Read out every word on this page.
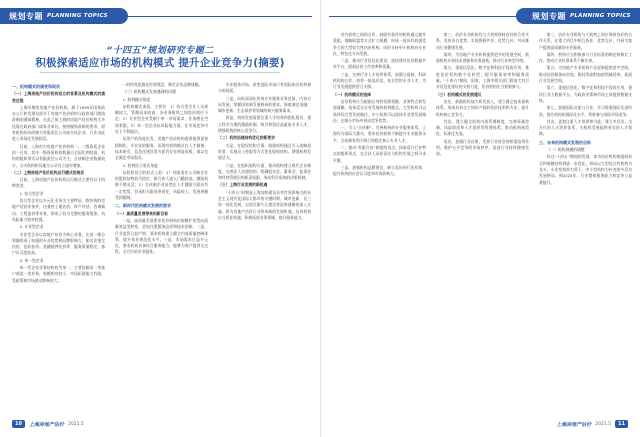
规划专题 PLANNING TOPICS
“十四五”规划研究专题二
积极探索适应市场的机构模式 提升企业竞争力(摘要)

一、机构模式的演变和现状

（一）上海房地产估价机构设立的背景及机构模式的演变过程

上海早期的房地产估价机构，源于1999年国务院办公厅转发建设部关于房地产估价机构与政府部门脱钩改制的通知精神，在此之前上海的房地产估价机构大多挂靠在政府部门或事业单位。按照脱钩改制的要求，原有机构纷纷改制为有限责任公司或合伙企业，行业由此进入市场化发展阶段。

目前，上海市内房地产估价机构一、二级资质企业约一百家，其中一级资质机构数量占全国比例较高，机构的组织形式以有限责任公司为主，合伙制企业数量较少，分支机构和异地分公司设立逐年增加。

（二）上海房地产估价机构运行模式的现状

目前，上海房地产估价机构运行模式主要有以下四种类型。

1. 综合型企业

综合型企业以多元化业务为主要特征，除传统的房地产估价业务外，还兼营土地估价、资产评估、咨询顾问、工程造价等业务，形成了较为完整的服务链条，抗风险能力相对较强。

2. 专业型企业

专业型企业以房地产估价为核心业务，在某一细分领域形成了较强的专业优势和品牌影响力，如司法鉴定估价、征收估价、金融抵押估价等，服务质量稳定，客户认可度较高。

3. 单一型企业

单一型企业业务结构较为单一，主要依赖某一类客户或某一类业务，规模相对较小，市场拓展能力有限，受政策和市场波动影响较大。

一的经营思路及经营理念，制定企业品牌战略。

（三）机构模式发展遇到的问题

1. 机构模式角度

从机构模式来看，主要有：1）综合型企业人员规模较大，管理成本较高，各业务板块之间协同效应不足；2）专业型企业受制于单一市场需求，业务增长空间有限；3）单一型企业抗风险能力弱，在市场竞争中处于不利地位。

从用户的角度出发，房地产估价机构需要提供更加精细化、专业化的服务，而现有机构模式在人才储备、技术研发、信息化建设等方面仍存在明显短板，难以完全满足市场需求。

2. 机构设立形式角度

从机构设立的形式上看：1）有限责任公司制企业的股权结构较为固定，新合伙人进入门槛较高，激励机制不够灵活；2）合伙制企业虽然在人才激励方面具有一定优势，但承担无限连带责任，风险较大，发展规模受到限制。

二、新时代机构模式发展的要求

（一）高质量发展带来的新目标

一是，高质量发展要求估价机构由规模扩张型向质量效益型转变，更加注重服务品质和技术创新。二是，行业监管日趋严格，要求机构建立健全内部质量控制体系，提升执业规范化水平。三是，市场需求日益多元化，要求机构具备综合服务能力，能够为客户提供全过程、全方位的专业服务。

专业服务市场，改变国际市场只有国际知名机构参与的局面。

三是，向纵深深化传统专业服务业务范围，内容方向发展，掌握国家新发展格局的要求，探索满足金融、城市更新、生态保护等领域的新兴服务需求。

四是，机构发展需要注重人才培养和团队建设，建立科学合理的激励机制，吸引和留住高素质专业人才，增强机构的核心竞争力。

（二）机构治理结构优化的新要求

五是，在股权结构方面，鼓励机构通过引入战略投资者、实施员工持股等方式优化股权结构，增强机构发展活力。

六是，在组织架构方面，推动机构建立现代企业制度，完善法人治理结构，明确股东会、董事会、监事会和经营管理层的职责权限，形成科学高效的决策机制。

（三）上海行业发展的新机遇

“十四五”时期是上海加快建设具有世界影响力的社会主义现代化国际大都市的关键时期。城市更新、长三角一体化发展、自贸区新片区建设等国家战略的深入实施，将为房地产估价行业带来新的发展机遇。估价机构应当抓住机遇，积极拓展业务领域，提升服务能力。

10	上海房地产估价 2021.5
规划专题 PLANNING TOPICS

业内机构之间的合作，鼓励有条件的机构通过兼并重组、战略联盟等方式扩大规模，形成一批具有较强竞争力的大型综合性估价机构，同时支持中小机构向专业化、特色化方向发展。

二是，推动行业信息化建设，加快建设估价数据共享平台，提高估价工作效率和质量。

三是，完善行业人才培养体系，加强与高校、科研机构的合作，培养一批高层次、复合型的专业人才，为行业发展提供智力支撑。

（一）机构模式的选择

估价机构应当根据自身的资源禀赋、业务特点和发展战略，选择适合自身发展的机构模式。大型机构可以选择综合型发展路径，中小机构可以选择专业型发展路径，在细分市场中形成竞争优势。

一、引入“合伙制”，完善机构的专业服务体系。上海作为国际大都市，要求估价机构不断提升专业服务水平，合伙制有利于吸引和稳定核心专业人才。

二、推动“有限合伙”制度的试点，探索适合行业特点的组织形式，在合伙人承担责任与机构发展之间寻求平衡。

三是，加强机构品牌建设，树立良好的行业形象，提升机构的社会认可度和市场影响力。

第三，估价专业机构均与大机构保持良好的合作关系，发挥各自优势，实现资源共享、优势互补，共同推动行业健康发展。

第四，为房地产专业机构提供更多的发展空间，鼓励机构开展技术创新和业务创新，推动行业转型升级。

第五，重视信息化、数字化和科技手段的应用，推进估价机构数字化转型，提升服务效率和服务质量。“十四五”期间，国家、上海市相关部门将加大对行业信息化建设的支持力度，估价机构应当积极参与。

（三）机构模式的发展建议

首先，鼓励机构加大研发投入，建立健全技术创新体系，形成具有自主知识产权的估价技术和方法，提升机构核心竞争力。

其次，建立健全机构内部管理制度，完善质量控制、风险防范和人才培养等管理体系，推动机构规范化、标准化发展。

再次，加强行业自律，发挥行业协会的桥梁纽带作用，维护公平竞争的市场秩序，促进行业持续健康发展。

第三，估价专业机构与大机构之间应保持良好的合作关系。在重大项目中相互协作、优势互补，共同为客户提供高质量的专业服务。

第四，机构应当积极参与行业标准的制定和修订工作，推动行业标准体系不断完善。

第五，为房地产专业机构产品更新提供更多空间，推动估价服务向咨询、顾问等高附加值领域延伸，拓展行业发展空间。

第六，重视信息化、数字化和科技手段的应用，建设行业大数据平台，为政府决策和市场主体提供数据支持。

第七，加强国际交流与合作，学习借鉴国际先进经验，提升机构的国际化水平，积极参与国际市场竞争。

其次，更加注重人才培养和引进，建立多层次、全方位的人才培养体系，为机构发展提供坚实的人才保障。

三、未来机构模式发展的目标

（一）机构规模的调整

经过“十四五”期间的发展，本市估价机构的组织形式和规模结构将进一步优化，形成以大型综合性机构为龙头、专业型机构为骨干、中小型机构为补充的多层次发展格局。到2025年，行业整体服务能力和竞争力显著提升。

上海房地产估价 2021.5	11
